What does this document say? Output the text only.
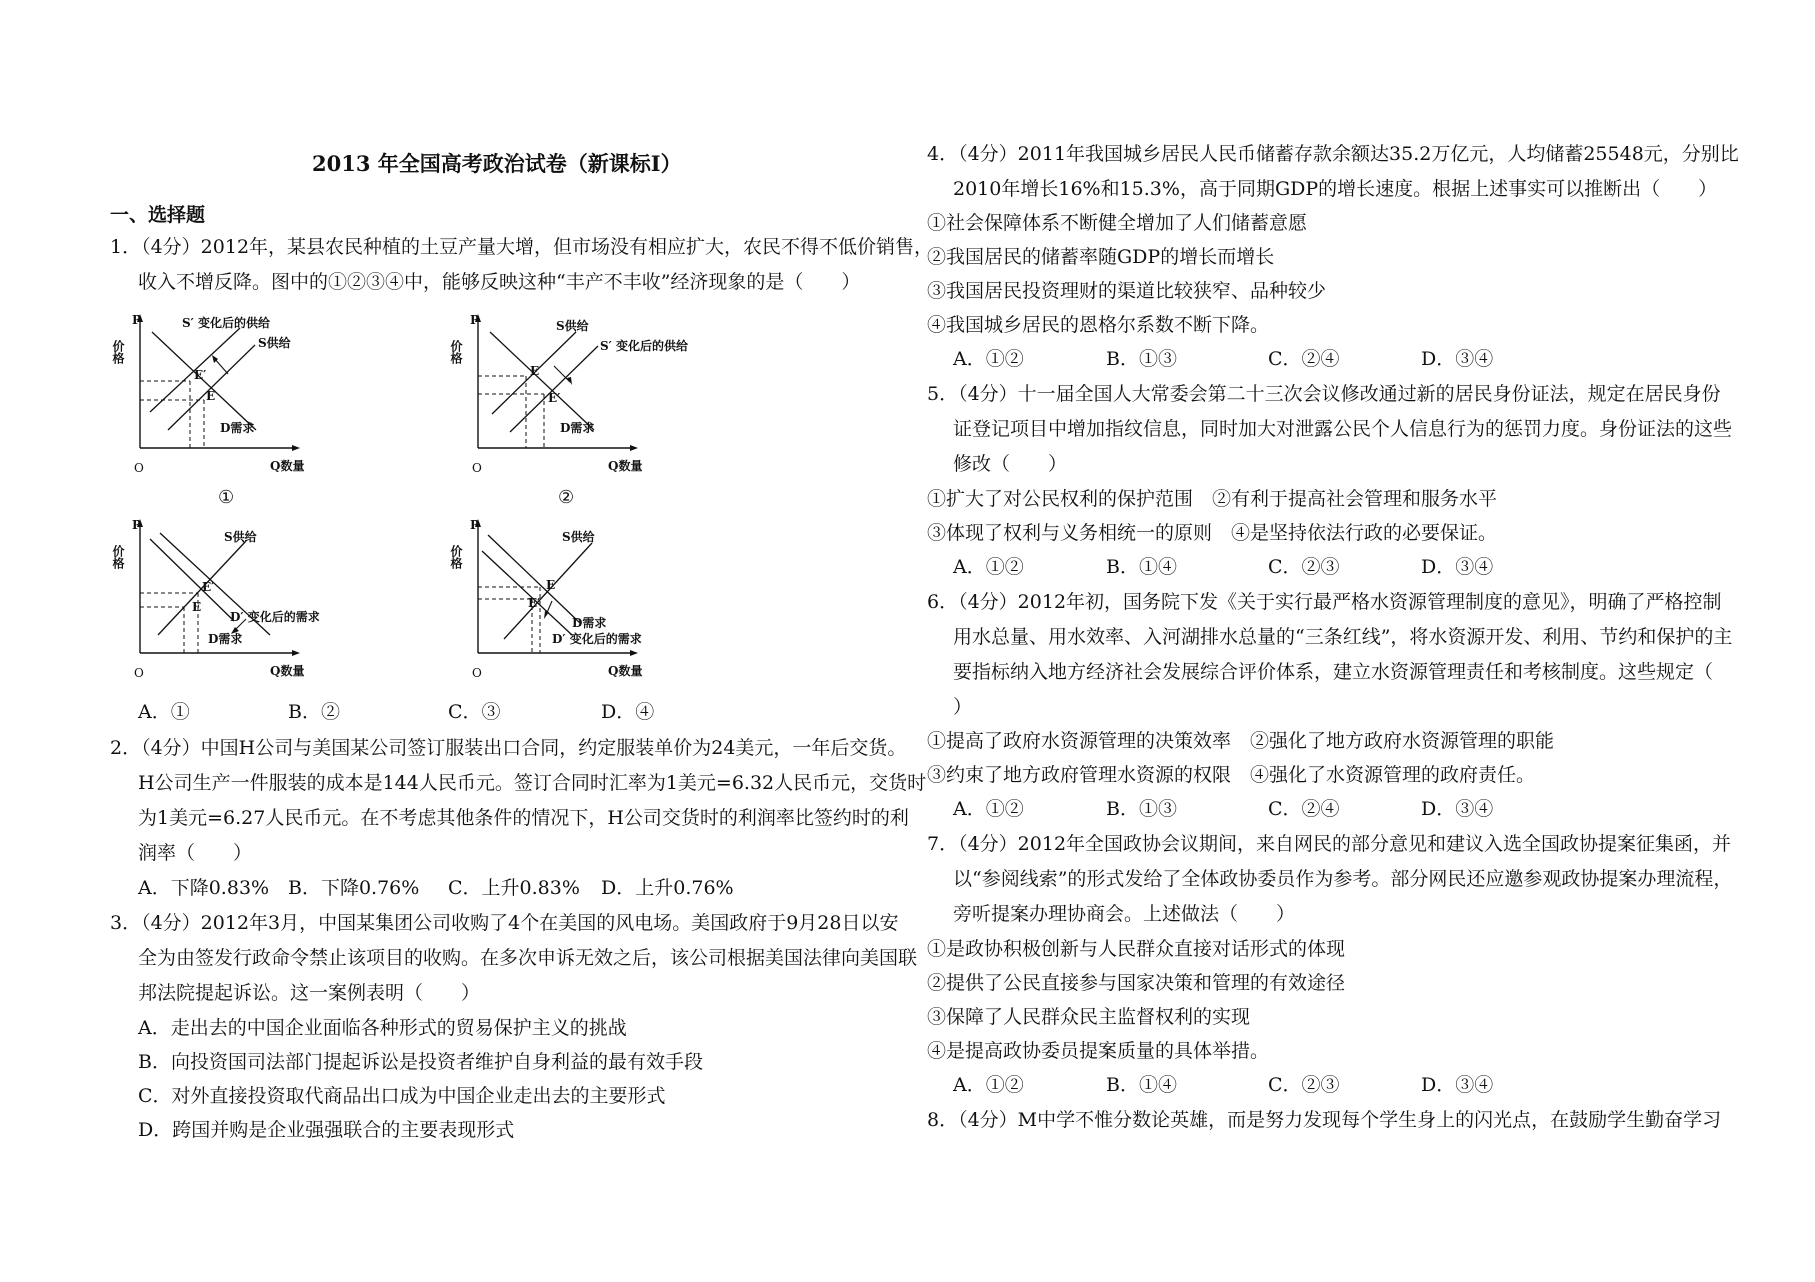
2013 年全国高考政治试卷（新课标I）
一、选择题
1．（4分）2012年，某县农民种植的土豆产量大增，但市场没有相应扩大，农民不得不低价销售，
收入不增反降。图中的①②③④中，能够反映这种“丰产不丰收”经济现象的是（　　）
P
价格
O	Q数量
S供给
S′ 变化后的供给
D需求
E
E′
①
P
价格
O	Q数量
S供给
S′ 变化后的供给
D需求
E
E′
②
P
价格
O	Q数量
S供给
D′ 变化后的需求
D需求
E
E′
P
价格
O	Q数量
S供给
D需求
D′ 变化后的需求
E
E′
A．①	B．②	C．③	D．④
2．（4分）中国H公司与美国某公司签订服装出口合同，约定服装单价为24美元，一年后交货。
H公司生产一件服装的成本是144人民币元。签订合同时汇率为1美元=6.32人民币元，交货时
为1美元=6.27人民币元。在不考虑其他条件的情况下，H公司交货时的利润率比签约时的利
润率（　　）
A．下降0.83% B．下降0.76% C．上升0.83% D．上升0.76%
3．（4分）2012年3月，中国某集团公司收购了4个在美国的风电场。美国政府于9月28日以安
全为由签发行政命令禁止该项目的收购。在多次申诉无效之后，该公司根据美国法律向美国联
邦法院提起诉讼。这一案例表明（　　）
A．走出去的中国企业面临各种形式的贸易保护主义的挑战
B．向投资国司法部门提起诉讼是投资者维护自身利益的最有效手段
C．对外直接投资取代商品出口成为中国企业走出去的主要形式
D．跨国并购是企业强强联合的主要表现形式
4．（4分）2011年我国城乡居民人民币储蓄存款余额达35.2万亿元，人均储蓄25548元，分别比
2010年增长16%和15.3%，高于同期GDP的增长速度。根据上述事实可以推断出（　　）
①社会保障体系不断健全增加了人们储蓄意愿
②我国居民的储蓄率随GDP的增长而增长
③我国居民投资理财的渠道比较狭窄、品种较少
④我国城乡居民的恩格尔系数不断下降。
A．①②	B．①③	C．②④	D．③④
5．（4分）十一届全国人大常委会第二十三次会议修改通过新的居民身份证法，规定在居民身份
证登记项目中增加指纹信息，同时加大对泄露公民个人信息行为的惩罚力度。身份证法的这些
修改（　　）
①扩大了对公民权利的保护范围　②有利于提高社会管理和服务水平
③体现了权利与义务相统一的原则　④是坚持依法行政的必要保证。
A．①②	B．①④	C．②③	D．③④
6．（4分）2012年初，国务院下发《关于实行最严格水资源管理制度的意见》，明确了严格控制
用水总量、用水效率、入河湖排水总量的“三条红线”，将水资源开发、利用、节约和保护的主
要指标纳入地方经济社会发展综合评价体系，建立水资源管理责任和考核制度。这些规定（
）
①提高了政府水资源管理的决策效率　②强化了地方政府水资源管理的职能
③约束了地方政府管理水资源的权限　④强化了水资源管理的政府责任。
A．①②	B．①③	C．②④	D．③④
7．（4分）2012年全国政协会议期间，来自网民的部分意见和建议入选全国政协提案征集函，并
以“参阅线索”的形式发给了全体政协委员作为参考。部分网民还应邀参观政协提案办理流程，
旁听提案办理协商会。上述做法（　　）
①是政协积极创新与人民群众直接对话形式的体现
②提供了公民直接参与国家决策和管理的有效途径
③保障了人民群众民主监督权利的实现
④是提高政协委员提案质量的具体举措。
A．①②	B．①④	C．②③	D．③④
8．（4分）M中学不惟分数论英雄，而是努力发现每个学生身上的闪光点，在鼓励学生勤奋学习
